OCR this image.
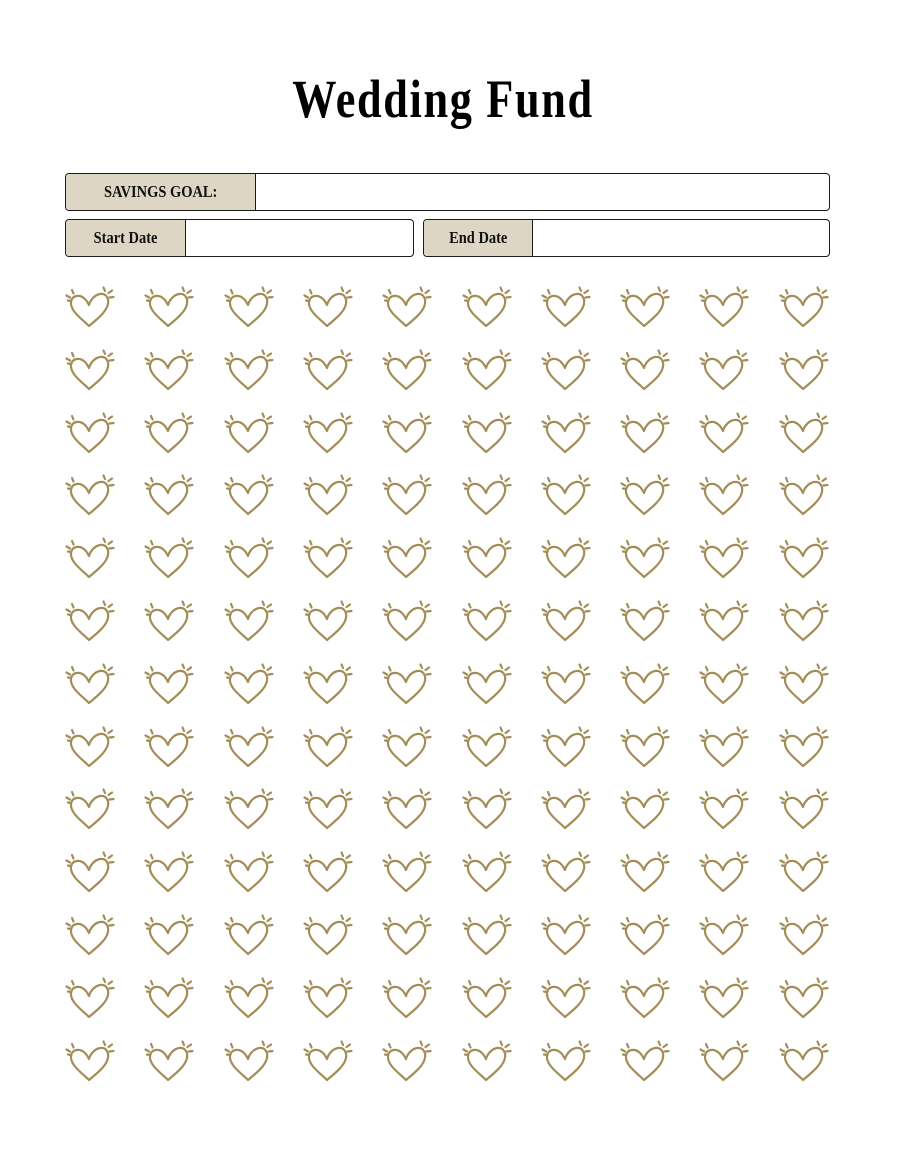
Wedding Fund
SAVINGS GOAL:
Start Date	End Date
